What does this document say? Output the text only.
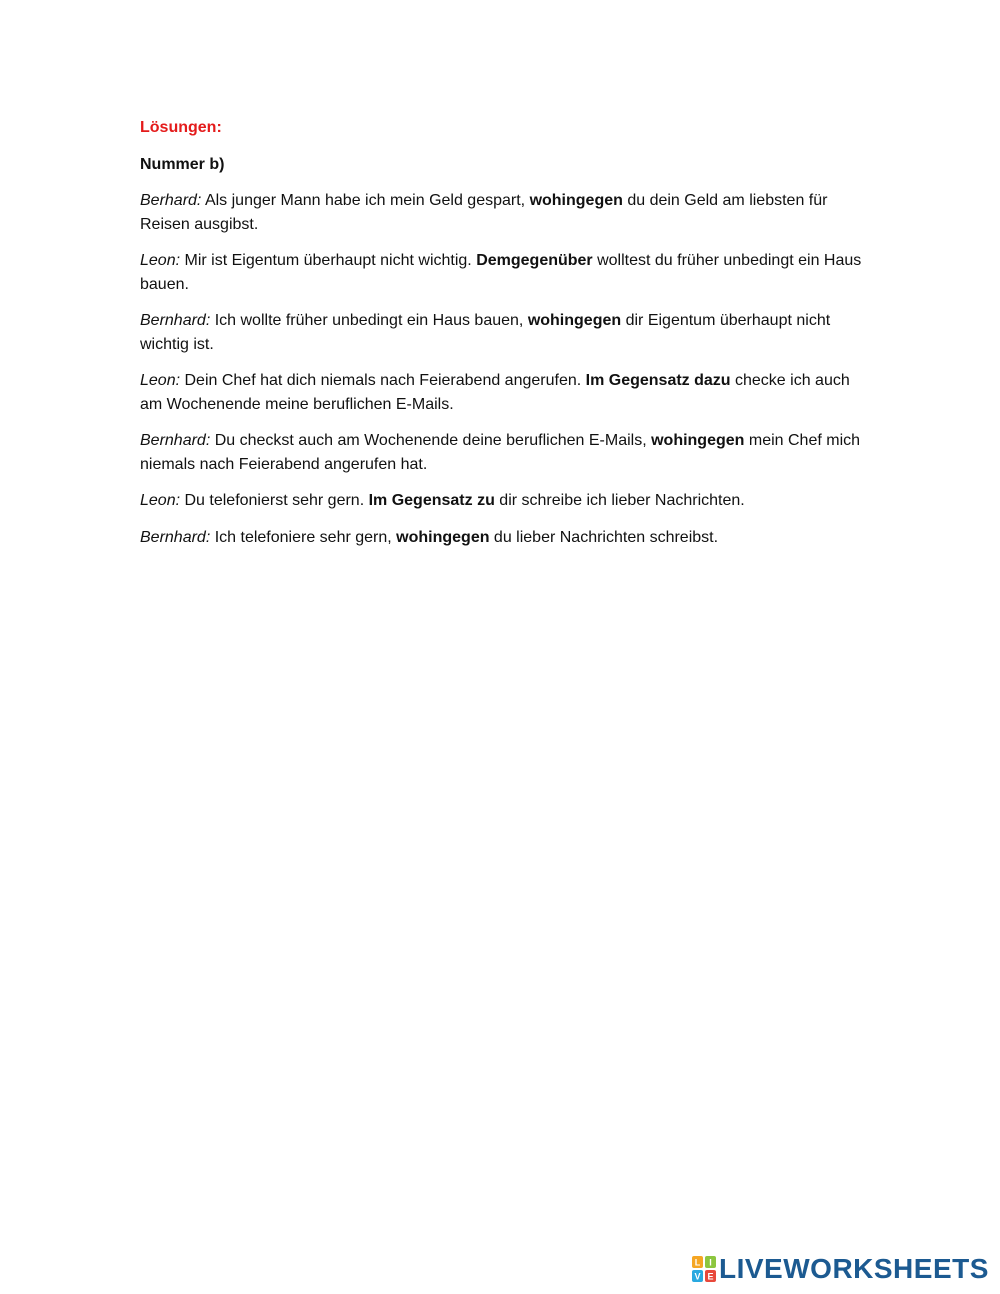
Lösungen:

Nummer b)

Berhard: Als junger Mann habe ich mein Geld gespart, wohingegen du dein Geld am liebsten für Reisen ausgibst.

Leon: Mir ist Eigentum überhaupt nicht wichtig. Demgegenüber wolltest du früher unbedingt ein Haus bauen.

Bernhard: Ich wollte früher unbedingt ein Haus bauen, wohingegen dir Eigentum überhaupt nicht wichtig ist.

Leon: Dein Chef hat dich niemals nach Feierabend angerufen. Im Gegensatz dazu checke ich auch am Wochenende meine beruflichen E-Mails.

Bernhard: Du checkst auch am Wochenende deine beruflichen E-Mails, wohingegen mein Chef mich niemals nach Feierabend angerufen hat.

Leon: Du telefonierst sehr gern. Im Gegensatz zu dir schreibe ich lieber Nachrichten.

Bernhard: Ich telefoniere sehr gern, wohingegen du lieber Nachrichten schreibst.

L I
V E LIVEWORKSHEETS
